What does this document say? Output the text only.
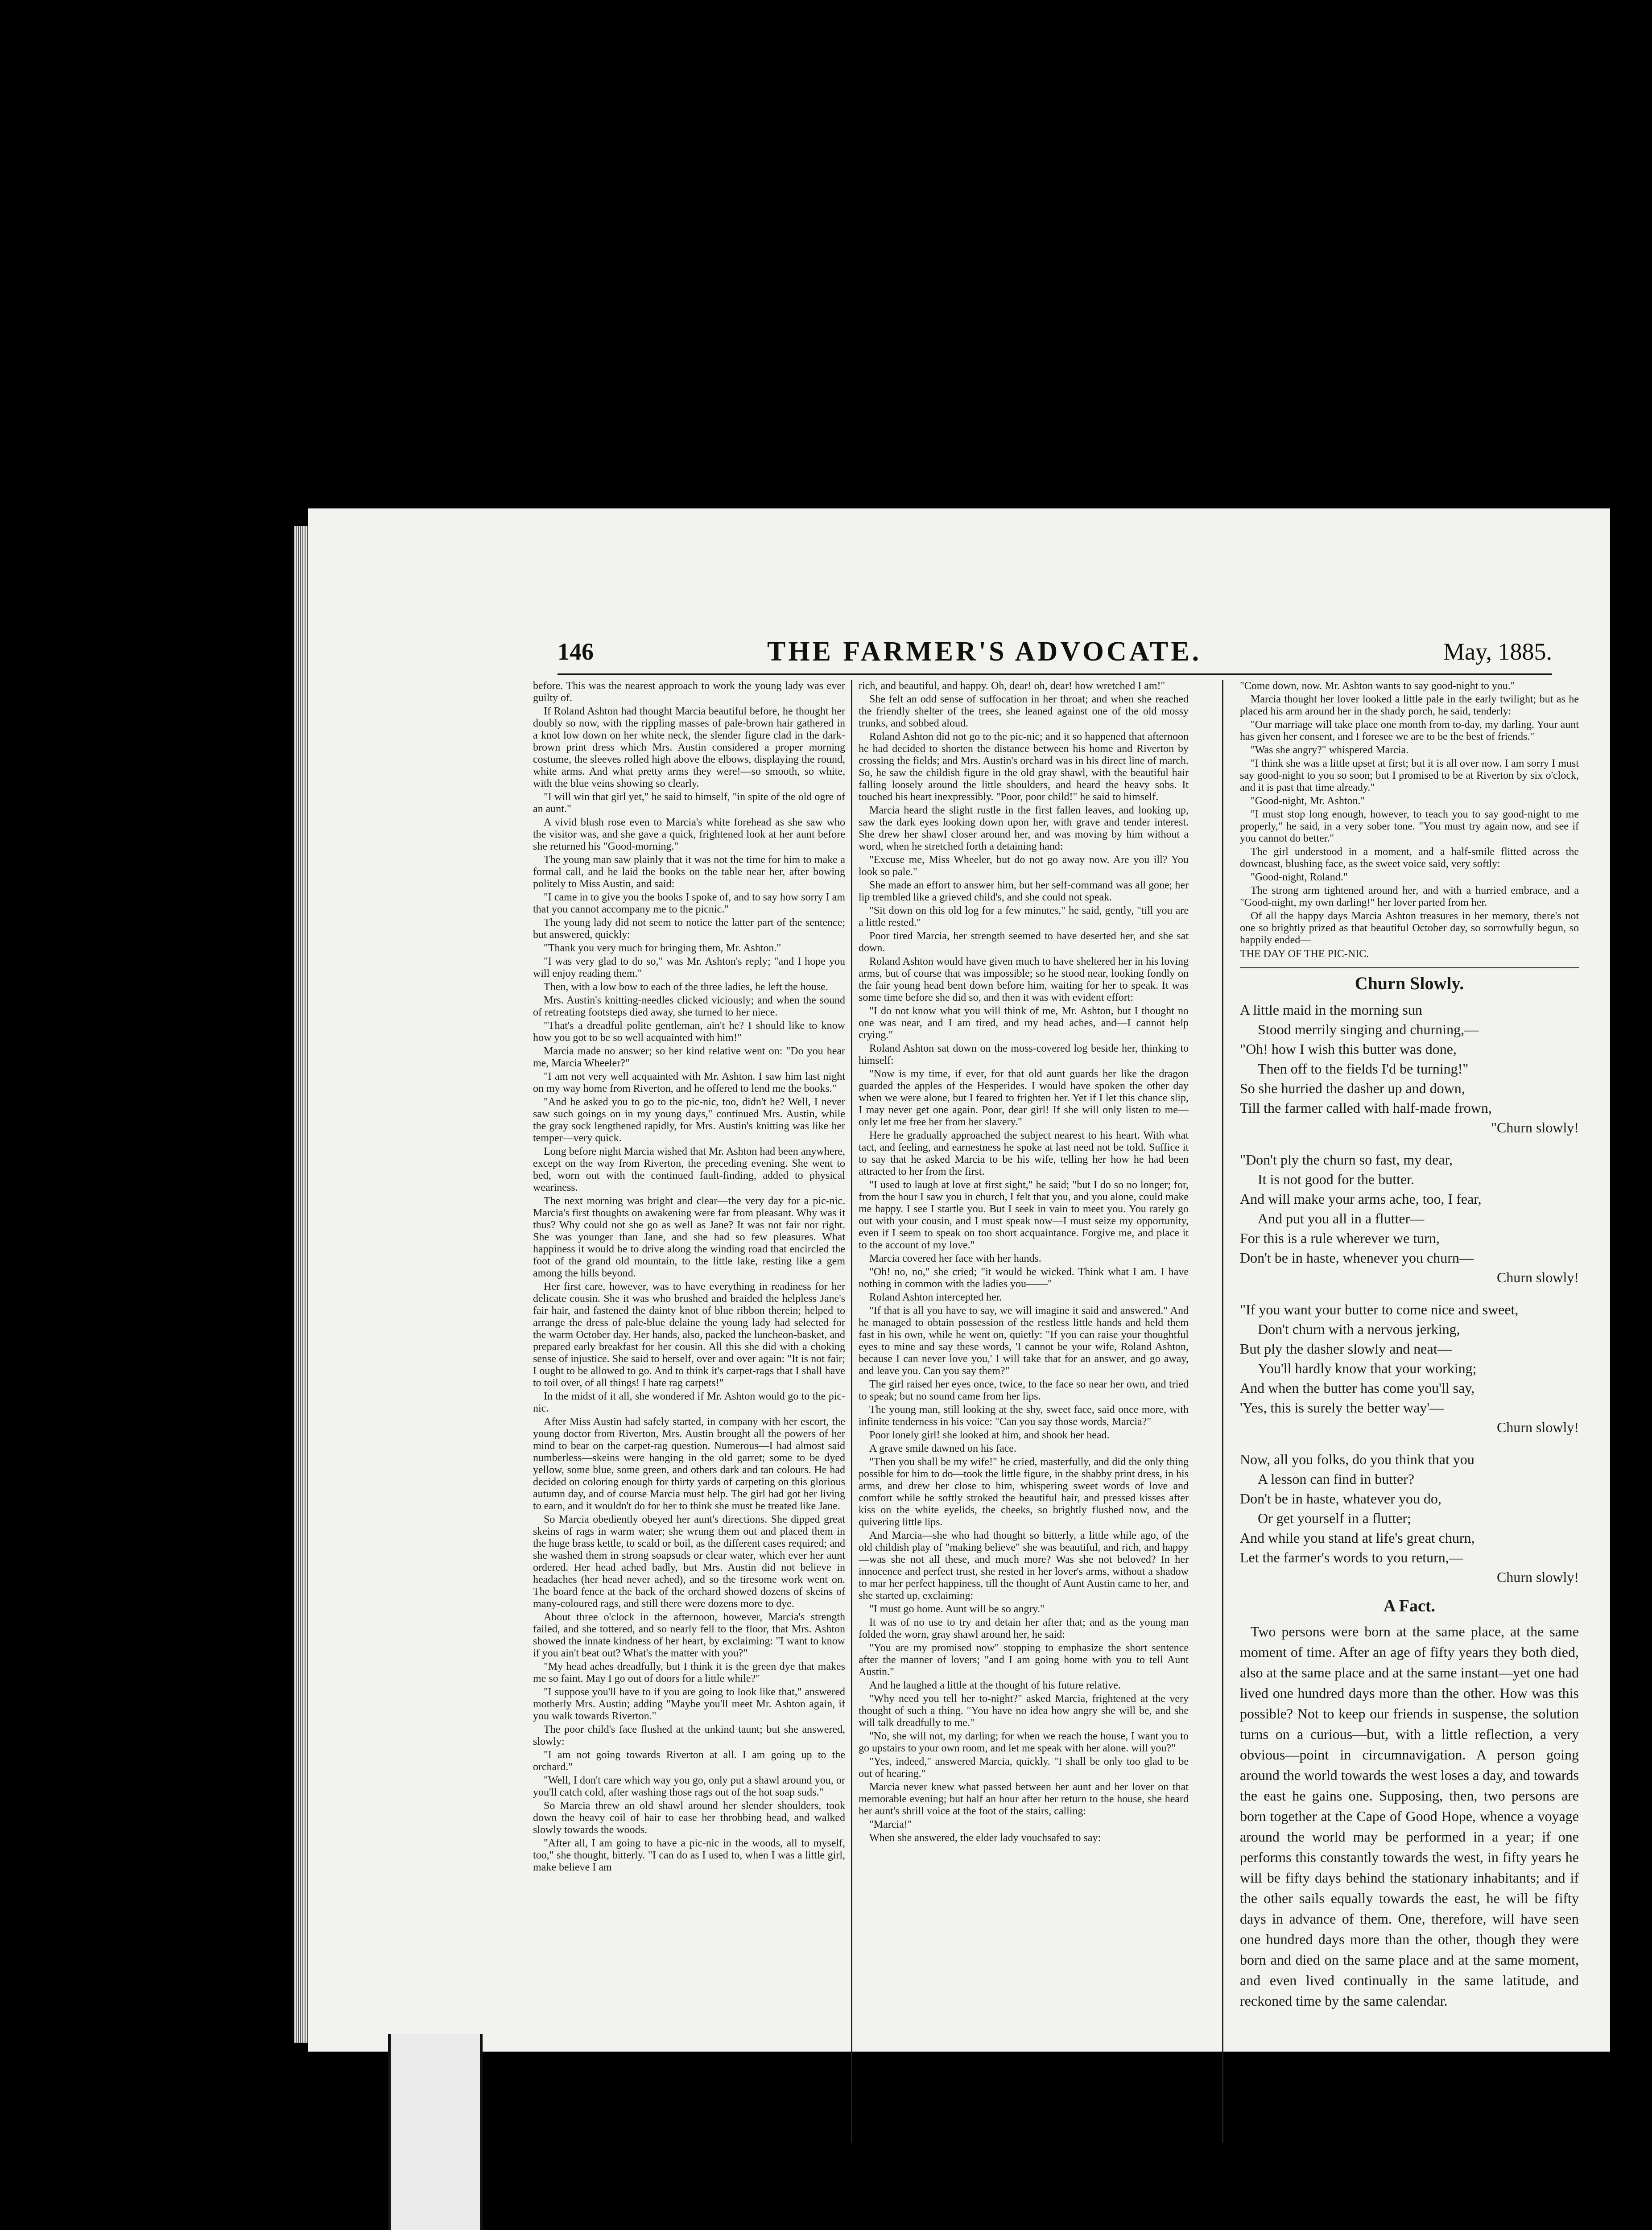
146	THE FARMER'S ADVOCATE.	May, 1885.

before. This was the nearest approach to work the young lady was ever guilty of.

If Roland Ashton had thought Marcia beautiful before, he thought her doubly so now, with the rippling masses of pale-brown hair gathered in a knot low down on her white neck, the slender figure clad in the dark-brown print dress which Mrs. Austin considered a proper morning costume, the sleeves rolled high above the elbows, displaying the round, white arms. And what pretty arms they were!—so smooth, so white, with the blue veins showing so clearly.

"I will win that girl yet," he said to himself, "in spite of the old ogre of an aunt."

A vivid blush rose even to Marcia's white forehead as she saw who the visitor was, and she gave a quick, frightened look at her aunt before she returned his "Good-morning."

The young man saw plainly that it was not the time for him to make a formal call, and he laid the books on the table near her, after bowing politely to Miss Austin, and said:

"I came in to give you the books I spoke of, and to say how sorry I am that you cannot accompany me to the picnic."

The young lady did not seem to notice the latter part of the sentence; but answered, quickly:

"Thank you very much for bringing them, Mr. Ashton."

"I was very glad to do so," was Mr. Ashton's reply; "and I hope you will enjoy reading them."

Then, with a low bow to each of the three ladies, he left the house.

Mrs. Austin's knitting-needles clicked viciously; and when the sound of retreating footsteps died away, she turned to her niece.

"That's a dreadful polite gentleman, ain't he? I should like to know how you got to be so well acquainted with him!"

Marcia made no answer; so her kind relative went on: "Do you hear me, Marcia Wheeler?"

"I am not very well acquainted with Mr. Ashton. I saw him last night on my way home from Riverton, and he offered to lend me the books."

"And he asked you to go to the pic-nic, too, didn't he? Well, I never saw such goings on in my young days," continued Mrs. Austin, while the gray sock lengthened rapidly, for Mrs. Austin's knitting was like her temper—very quick.

Long before night Marcia wished that Mr. Ashton had been anywhere, except on the way from Riverton, the preceding evening. She went to bed, worn out with the continued fault-finding, added to physical weariness.

The next morning was bright and clear—the very day for a pic-nic. Marcia's first thoughts on awakening were far from pleasant. Why was it thus? Why could not she go as well as Jane? It was not fair nor right. She was younger than Jane, and she had so few pleasures. What happiness it would be to drive along the winding road that encircled the foot of the grand old mountain, to the little lake, resting like a gem among the hills beyond.

Her first care, however, was to have everything in readiness for her delicate cousin. She it was who brushed and braided the helpless Jane's fair hair, and fastened the dainty knot of blue ribbon therein; helped to arrange the dress of pale-blue delaine the young lady had selected for the warm October day. Her hands, also, packed the luncheon-basket, and prepared early breakfast for her cousin. All this she did with a choking sense of injustice. She said to herself, over and over again: "It is not fair; I ought to be allowed to go. And to think it's carpet-rags that I shall have to toil over, of all things! I hate rag carpets!"

In the midst of it all, she wondered if Mr. Ashton would go to the pic-nic.

After Miss Austin had safely started, in company with her escort, the young doctor from Riverton, Mrs. Austin brought all the powers of her mind to bear on the carpet-rag question. Numerous—I had almost said numberless—skeins were hanging in the old garret; some to be dyed yellow, some blue, some green, and others dark and tan colours. He had decided on coloring enough for thirty yards of carpeting on this glorious autumn day, and of course Marcia must help. The girl had got her living to earn, and it wouldn't do for her to think she must be treated like Jane.

So Marcia obediently obeyed her aunt's directions. She dipped great skeins of rags in warm water; she wrung them out and placed them in the huge brass kettle, to scald or boil, as the different cases required; and she washed them in strong soapsuds or clear water, which ever her aunt ordered. Her head ached badly, but Mrs. Austin did not believe in headaches (her head never ached), and so the tiresome work went on. The board fence at the back of the orchard showed dozens of skeins of many-coloured rags, and still there were dozens more to dye.

About three o'clock in the afternoon, however, Marcia's strength failed, and she tottered, and so nearly fell to the floor, that Mrs. Ashton showed the innate kindness of her heart, by exclaiming: "I want to know if you ain't beat out? What's the matter with you?"

"My head aches dreadfully, but I think it is the green dye that makes me so faint. May I go out of doors for a little while?"

"I suppose you'll have to if you are going to look like that," answered motherly Mrs. Austin; adding "Maybe you'll meet Mr. Ashton again, if you walk towards Riverton."

The poor child's face flushed at the unkind taunt; but she answered, slowly:

"I am not going towards Riverton at all. I am going up to the orchard."

"Well, I don't care which way you go, only put a shawl around you, or you'll catch cold, after washing those rags out of the hot soap suds."

So Marcia threw an old shawl around her slender shoulders, took down the heavy coil of hair to ease her throbbing head, and walked slowly towards the woods.

"After all, I am going to have a pic-nic in the woods, all to myself, too," she thought, bitterly. "I can do as I used to, when I was a little girl, make believe I am

rich, and beautiful, and happy. Oh, dear! oh, dear! how wretched I am!"

She felt an odd sense of suffocation in her throat; and when she reached the friendly shelter of the trees, she leaned against one of the old mossy trunks, and sobbed aloud.

Roland Ashton did not go to the pic-nic; and it so happened that afternoon he had decided to shorten the distance between his home and Riverton by crossing the fields; and Mrs. Austin's orchard was in his direct line of march. So, he saw the childish figure in the old gray shawl, with the beautiful hair falling loosely around the little shoulders, and heard the heavy sobs. It touched his heart inexpressibly. "Poor, poor child!" he said to himself.

Marcia heard the slight rustle in the first fallen leaves, and looking up, saw the dark eyes looking down upon her, with grave and tender interest. She drew her shawl closer around her, and was moving by him without a word, when he stretched forth a detaining hand:

"Excuse me, Miss Wheeler, but do not go away now. Are you ill? You look so pale."

She made an effort to answer him, but her self-command was all gone; her lip trembled like a grieved child's, and she could not speak.

"Sit down on this old log for a few minutes," he said, gently, "till you are a little rested."

Poor tired Marcia, her strength seemed to have deserted her, and she sat down.

Roland Ashton would have given much to have sheltered her in his loving arms, but of course that was impossible; so he stood near, looking fondly on the fair young head bent down before him, waiting for her to speak. It was some time before she did so, and then it was with evident effort:

"I do not know what you will think of me, Mr. Ashton, but I thought no one was near, and I am tired, and my head aches, and—I cannot help crying."

Roland Ashton sat down on the moss-covered log beside her, thinking to himself:

"Now is my time, if ever, for that old aunt guards her like the dragon guarded the apples of the Hesperides. I would have spoken the other day when we were alone, but I feared to frighten her. Yet if I let this chance slip, I may never get one again. Poor, dear girl! If she will only listen to me—only let me free her from her slavery."

Here he gradually approached the subject nearest to his heart. With what tact, and feeling, and earnestness he spoke at last need not be told. Suffice it to say that he asked Marcia to be his wife, telling her how he had been attracted to her from the first.

"I used to laugh at love at first sight," he said; "but I do so no longer; for, from the hour I saw you in church, I felt that you, and you alone, could make me happy. I see I startle you. But I seek in vain to meet you. You rarely go out with your cousin, and I must speak now—I must seize my opportunity, even if I seem to speak on too short acquaintance. Forgive me, and place it to the account of my love."

Marcia covered her face with her hands.

"Oh! no, no," she cried; "it would be wicked. Think what I am. I have nothing in common with the ladies you——"

Roland Ashton intercepted her.

"If that is all you have to say, we will imagine it said and answered." And he managed to obtain possession of the restless little hands and held them fast in his own, while he went on, quietly: "If you can raise your thoughtful eyes to mine and say these words, 'I cannot be your wife, Roland Ashton, because I can never love you,' I will take that for an answer, and go away, and leave you. Can you say them?"

The girl raised her eyes once, twice, to the face so near her own, and tried to speak; but no sound came from her lips.

The young man, still looking at the shy, sweet face, said once more, with infinite tenderness in his voice: "Can you say those words, Marcia?"

Poor lonely girl! she looked at him, and shook her head.

A grave smile dawned on his face.

"Then you shall be my wife!" he cried, masterfully, and did the only thing possible for him to do—took the little figure, in the shabby print dress, in his arms, and drew her close to him, whispering sweet words of love and comfort while he softly stroked the beautiful hair, and pressed kisses after kiss on the white eyelids, the cheeks, so brightly flushed now, and the quivering little lips.

And Marcia—she who had thought so bitterly, a little while ago, of the old childish play of "making believe" she was beautiful, and rich, and happy—was she not all these, and much more? Was she not beloved? In her innocence and perfect trust, she rested in her lover's arms, without a shadow to mar her perfect happiness, till the thought of Aunt Austin came to her, and she started up, exclaiming:

"I must go home. Aunt will be so angry."

It was of no use to try and detain her after that; and as the young man folded the worn, gray shawl around her, he said:

"You are my promised now" stopping to emphasize the short sentence after the manner of lovers; "and I am going home with you to tell Aunt Austin."

And he laughed a little at the thought of his future relative.

"Why need you tell her to-night?" asked Marcia, frightened at the very thought of such a thing. "You have no idea how angry she will be, and she will talk dreadfully to me."

"No, she will not, my darling; for when we reach the house, I want you to go upstairs to your own room, and let me speak with her alone. will you?"

"Yes, indeed," answered Marcia, quickly. "I shall be only too glad to be out of hearing."

Marcia never knew what passed between her aunt and her lover on that memorable evening; but half an hour after her return to the house, she heard her aunt's shrill voice at the foot of the stairs, calling:

"Marcia!"

When she answered, the elder lady vouchsafed to say:

"Come down, now. Mr. Ashton wants to say good-night to you."

Marcia thought her lover looked a little pale in the early twilight; but as he placed his arm around her in the shady porch, he said, tenderly:

"Our marriage will take place one month from to-day, my darling. Your aunt has given her consent, and I foresee we are to be the best of friends."

"Was she angry?" whispered Marcia.

"I think she was a little upset at first; but it is all over now. I am sorry I must say good-night to you so soon; but I promised to be at Riverton by six o'clock, and it is past that time already."

"Good-night, Mr. Ashton."

"I must stop long enough, however, to teach you to say good-night to me properly," he said, in a very sober tone. "You must try again now, and see if you cannot do better."

The girl understood in a moment, and a half-smile flitted across the downcast, blushing face, as the sweet voice said, very softly:

"Good-night, Roland."

The strong arm tightened around her, and with a hurried embrace, and a "Good-night, my own darling!" her lover parted from her.

Of all the happy days Marcia Ashton treasures in her memory, there's not one so brightly prized as that beautiful October day, so sorrowfully begun, so happily ended—

THE DAY OF THE PIC-NIC.
Churn Slowly.
A little maid in the morning sun
Stood merrily singing and churning,—
"Oh! how I wish this butter was done,
Then off to the fields I'd be turning!"
So she hurried the dasher up and down,
Till the farmer called with half-made frown,
"Churn slowly!
"Don't ply the churn so fast, my dear,
It is not good for the butter.
And will make your arms ache, too, I fear,
And put you all in a flutter—
For this is a rule wherever we turn,
Don't be in haste, whenever you churn—
Churn slowly!
"If you want your butter to come nice and sweet,
Don't churn with a nervous jerking,
But ply the dasher slowly and neat—
You'll hardly know that your working;
And when the butter has come you'll say,
'Yes, this is surely the better way'—
Churn slowly!
Now, all you folks, do you think that you
A lesson can find in butter?
Don't be in haste, whatever you do,
Or get yourself in a flutter;
And while you stand at life's great churn,
Let the farmer's words to you return,—
Churn slowly!
A Fact.

Two persons were born at the same place, at the same moment of time. After an age of fifty years they both died, also at the same place and at the same instant—yet one had lived one hundred days more than the other. How was this possible? Not to keep our friends in suspense, the solution turns on a curious—but, with a little reflection, a very obvious—point in circumnavigation. A person going around the world towards the west loses a day, and towards the east he gains one. Supposing, then, two persons are born together at the Cape of Good Hope, whence a voyage around the world may be performed in a year; if one performs this constantly towards the west, in fifty years he will be fifty days behind the stationary inhabitants; and if the other sails equally towards the east, he will be fifty days in advance of them. One, therefore, will have seen one hundred days more than the other, though they were born and died on the same place and at the same moment, and even lived continually in the same latitude, and reckoned time by the same calendar.
